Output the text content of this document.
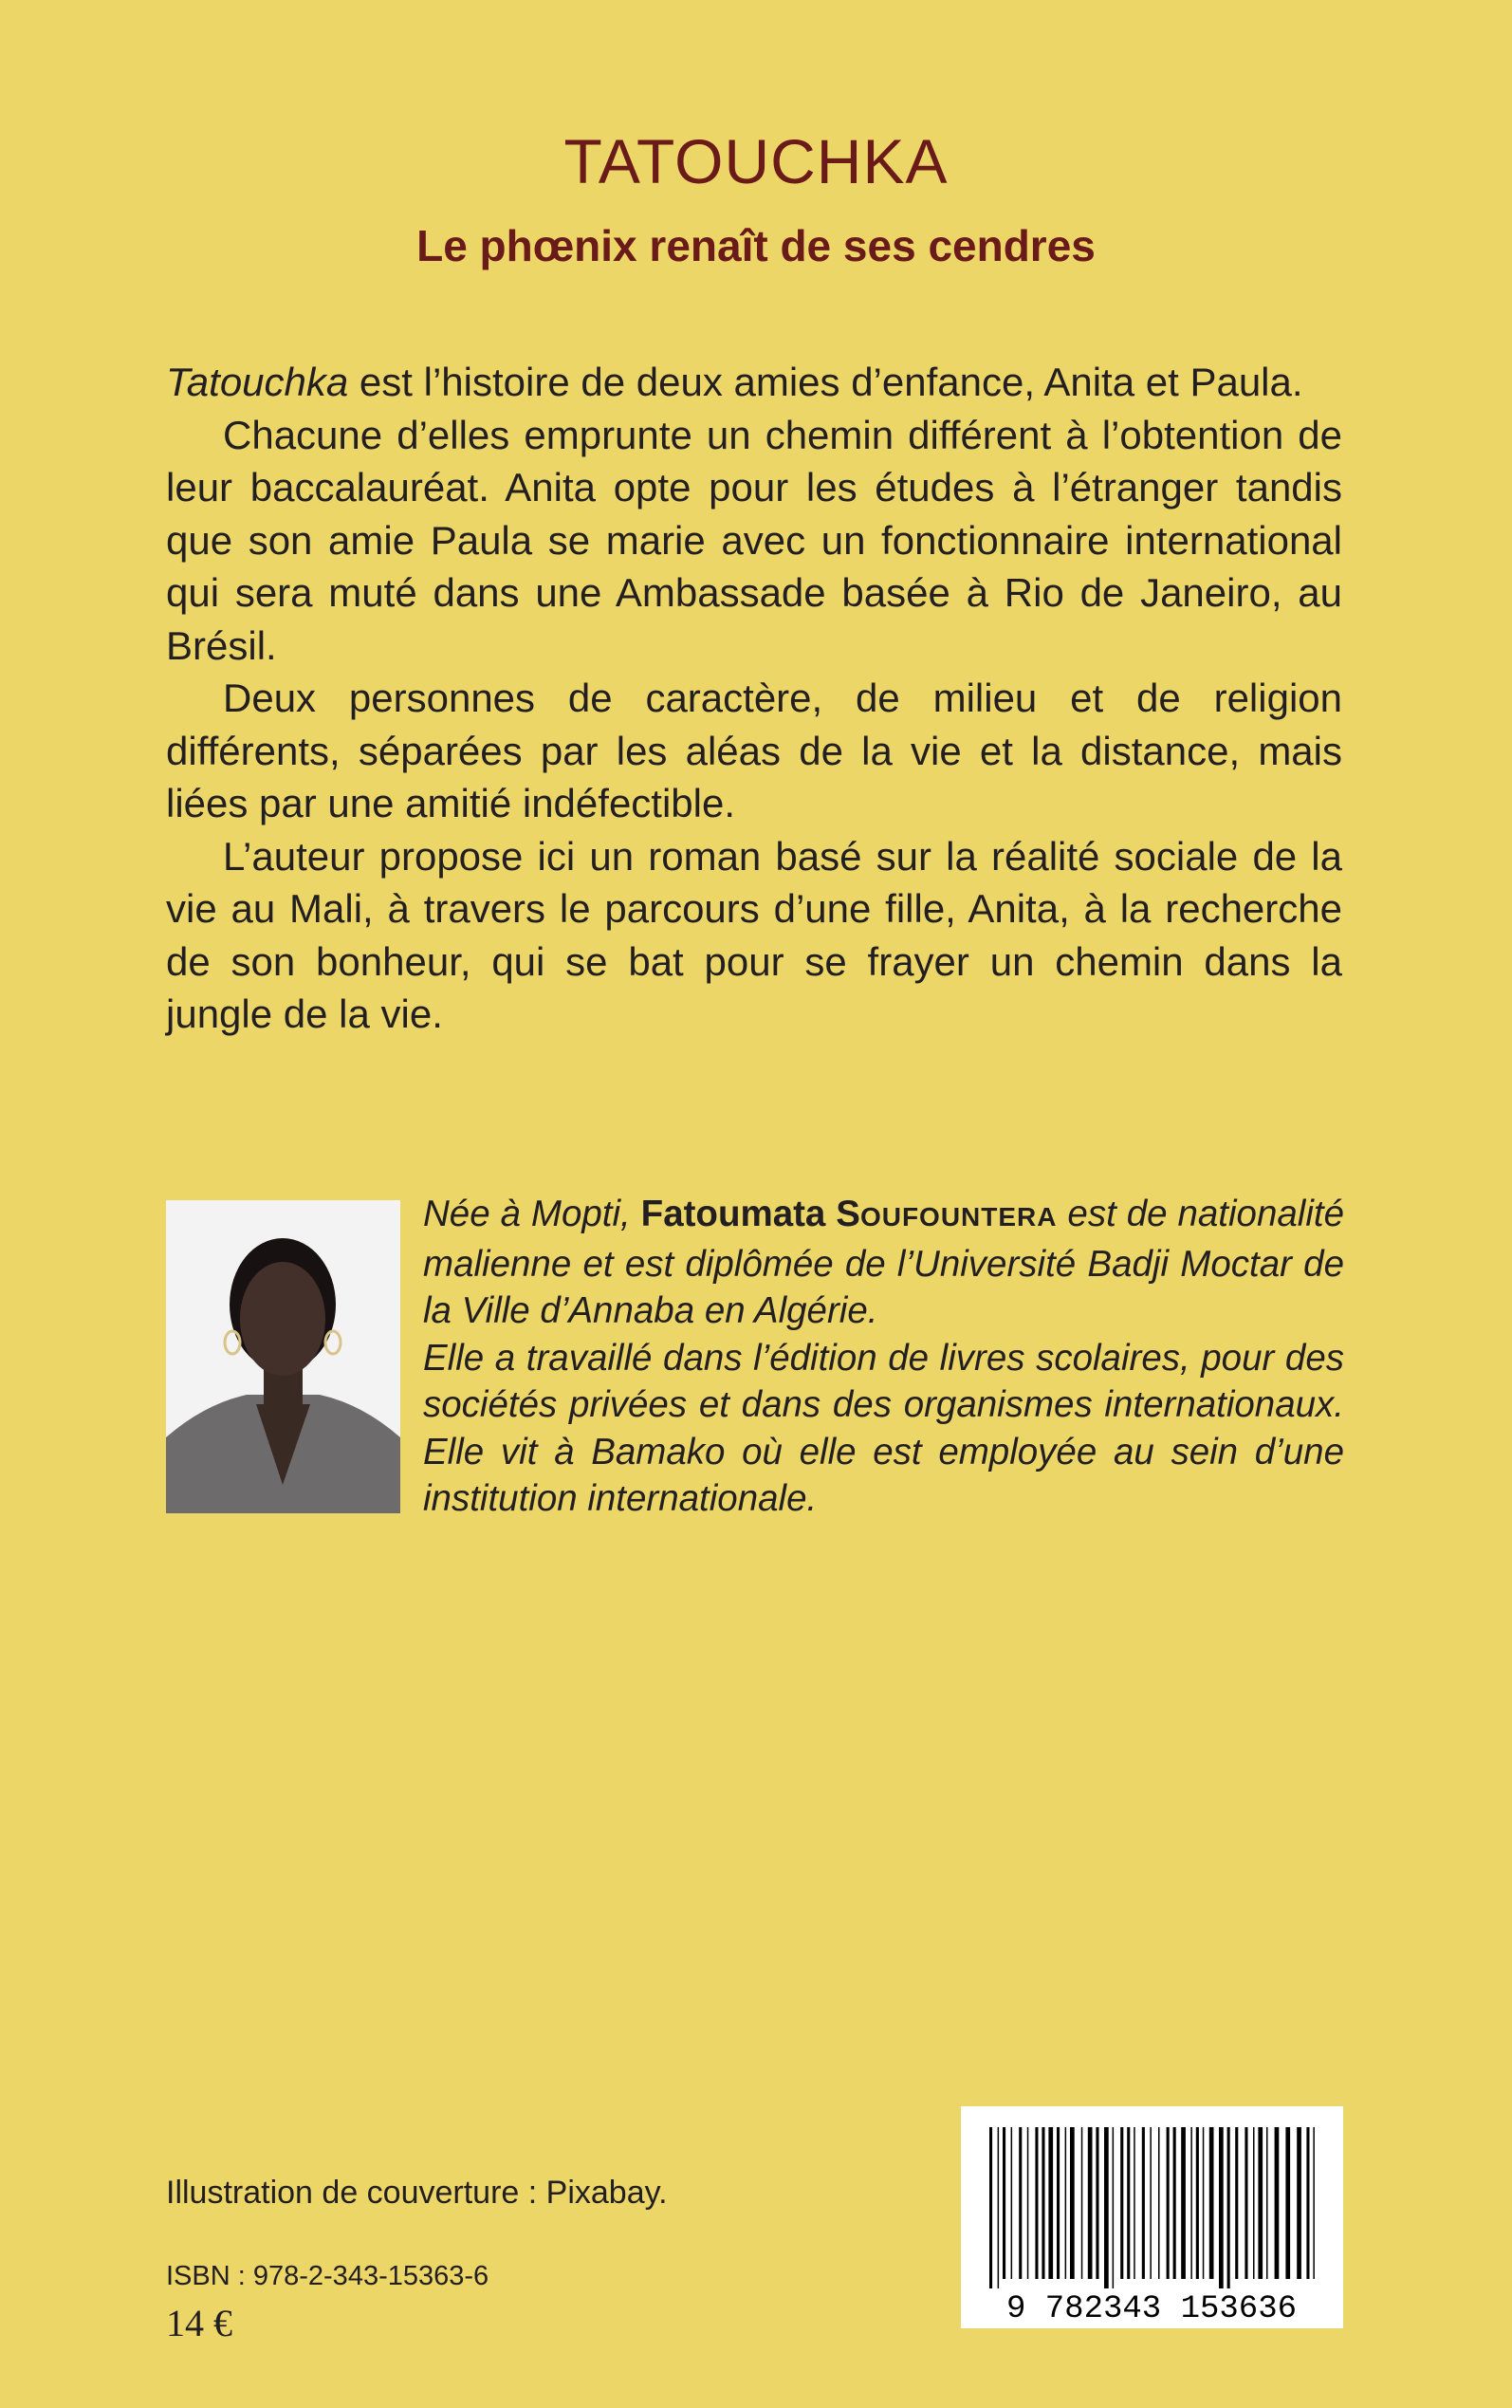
TATOUCHKA
Le phœnix renaît de ses cendres

Tatouchka est l’histoire de deux amies d’enfance, Anita et Paula.

Chacune d’elles emprunte un chemin différent à l’obtention de leur baccalauréat. Anita opte pour les études à l’étranger tandis que son amie Paula se marie avec un fonctionnaire international qui sera muté dans une Ambassade basée à Rio de Janeiro, au Brésil.

Deux personnes de caractère, de milieu et de religion différents, séparées par les aléas de la vie et la distance, mais liées par une amitié indéfectible.

L’auteur propose ici un roman basé sur la réalité sociale de la vie au Mali, à travers le parcours d’une fille, Anita, à la recherche de son bonheur, qui se bat pour se frayer un chemin dans la jungle de la vie.

Née à Mopti, Fatoumata SOUFOUNTERA est de nationalité malienne et est diplômée de l’Université Badji Moctar de la Ville d’Annaba en Algérie.

Elle a travaillé dans l’édition de livres scolaires, pour des sociétés privées et dans des organismes internationaux. Elle vit à Bamako où elle est employée au sein d’une institution internationale.

Illustration de couverture : Pixabay.
ISBN : 978-2-343-15363-6
14 €	9 782343 153636
